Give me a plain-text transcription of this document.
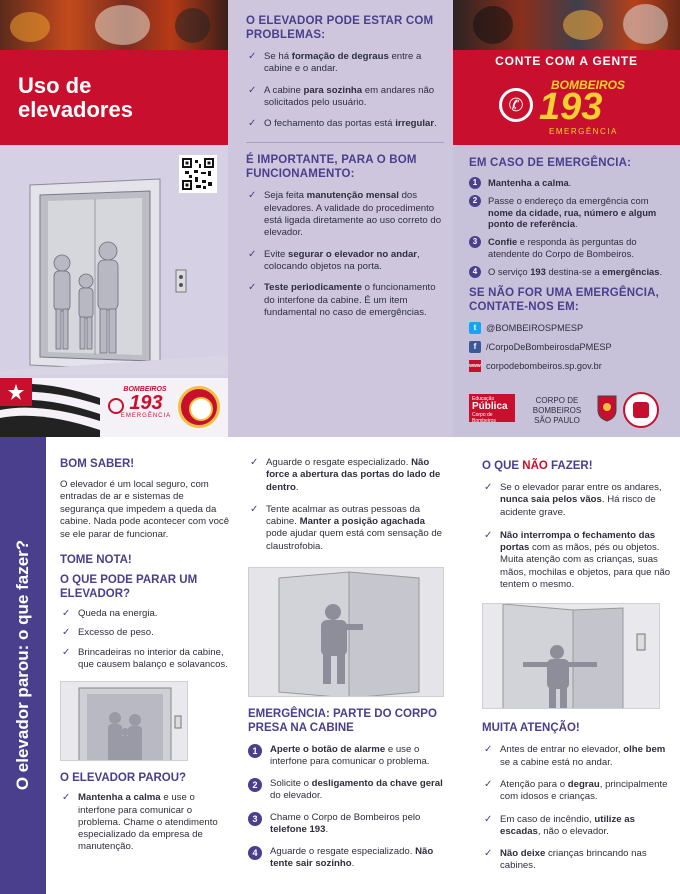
Uso de
elevadores
BOMBEIROS
193
EMERGÊNCIA
O ELEVADOR PODE ESTAR COM PROBLEMAS:
✓ Se há formação de degraus entre a cabine e o andar.
✓ A cabine para sozinha em andares não solicitados pelo usuário.
✓ O fechamento das portas está irregular.
É IMPORTANTE, PARA O BOM FUNCIONAMENTO:
✓ Seja feita manutenção mensal dos elevadores. A validade do procedimento está ligada diretamente ao uso correto do elevador.
✓ Evite segurar o elevador no andar, colocando objetos na porta.
✓ Teste periodicamente o funcionamento do interfone da cabine. É um item fundamental no caso de emergências.
CONTE COM A GENTE
✆
BOMBEIROS
193
EMERGÊNCIA
EM CASO DE EMERGÊNCIA:
1	Mantenha a calma.
2	Passe o endereço da emergência com nome da cidade, rua, número e algum ponto de referência.
3	Confie e responda às perguntas do atendente do Corpo de Bombeiros.
4	O serviço 193 destina-se a emergências.
SE NÃO FOR UMA EMERGÊNCIA, CONTATE-NOS EM:
t	@BOMBEIROSPMESP
f	/CorpoDeBombeirosdaPMESP
www corpodebombeiros.sp.gov.br
Educação
Pública
Corpo de Bombeiros
CORPO DE BOMBEIROS
SÃO PAULO
O elevador parou: o que fazer?
BOM SABER!
O elevador é um local seguro, com entradas de ar e sistemas de segurança que impedem a queda da cabine. Nada pode acontecer com você se ele parar de funcionar.
TOME NOTA!
O QUE PODE PARAR UM ELEVADOR?
✓ Queda na energia.
✓ Excesso de peso.
✓ Brincadeiras no interior da cabine, que causem balanço e solavancos.
O ELEVADOR PAROU?
✓ Mantenha a calma e use o interfone para comunicar o problema. Chame o atendimento especializado da empresa de manutenção.
✓ Aguarde o resgate especializado. Não force a abertura das portas do lado de dentro.
✓ Tente acalmar as outras pessoas da cabine. Manter a posição agachada pode ajudar quem está com sensação de claustrofobia.
EMERGÊNCIA: PARTE DO CORPO PRESA NA CABINE
1	Aperte o botão de alarme e use o interfone para comunicar o problema.
2	Solicite o desligamento da chave geral do elevador.
3	Chame o Corpo de Bombeiros pelo telefone 193.
4	Aguarde o resgate especializado. Não tente sair sozinho.
O QUE NÃO FAZER!
✓ Se o elevador parar entre os andares, nunca saia pelos vãos. Há risco de acidente grave.
✓ Não interrompa o fechamento das portas com as mãos, pés ou objetos. Muita atenção com as crianças, suas mãos, mochilas e objetos, para que não tentem o mesmo.
MUITA ATENÇÃO!
✓ Antes de entrar no elevador, olhe bem se a cabine está no andar.
✓ Atenção para o degrau, principalmente com idosos e crianças.
✓ Em caso de incêndio, utilize as escadas, não o elevador.
✓ Não deixe crianças brincando nas cabines.
